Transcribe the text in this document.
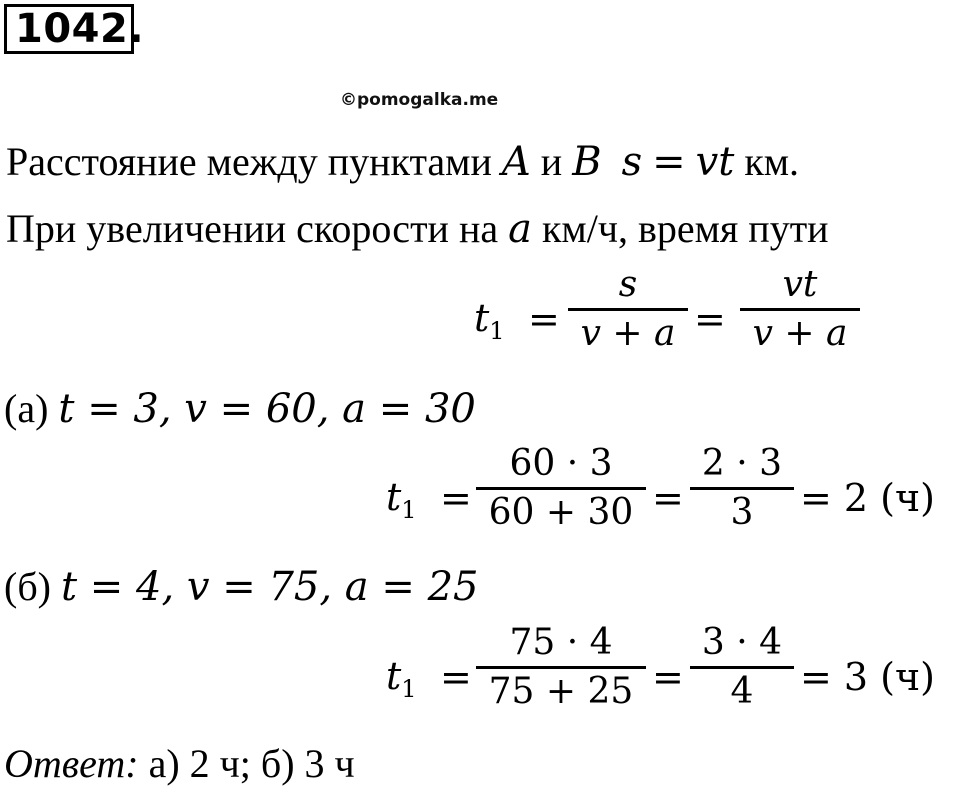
1042.
©pomogalka.me
Расстояние между пунктами A и B s = vt км.
При увеличении скорости на a км/ч, время пути
$t_1$ =
s
v + a =
vt
v + a
(а) t = 3, v = 60, a = 30
$t_1$ =
60 · 3
60 + 30 =
2 · 3
3 = 2 (ч)
(б) t = 4, v = 75, a = 25
$t_1$ =
75 · 4
75 + 25 =
3 · 4
4 = 3 (ч)
Ответ: а) 2 ч; б) 3 ч
